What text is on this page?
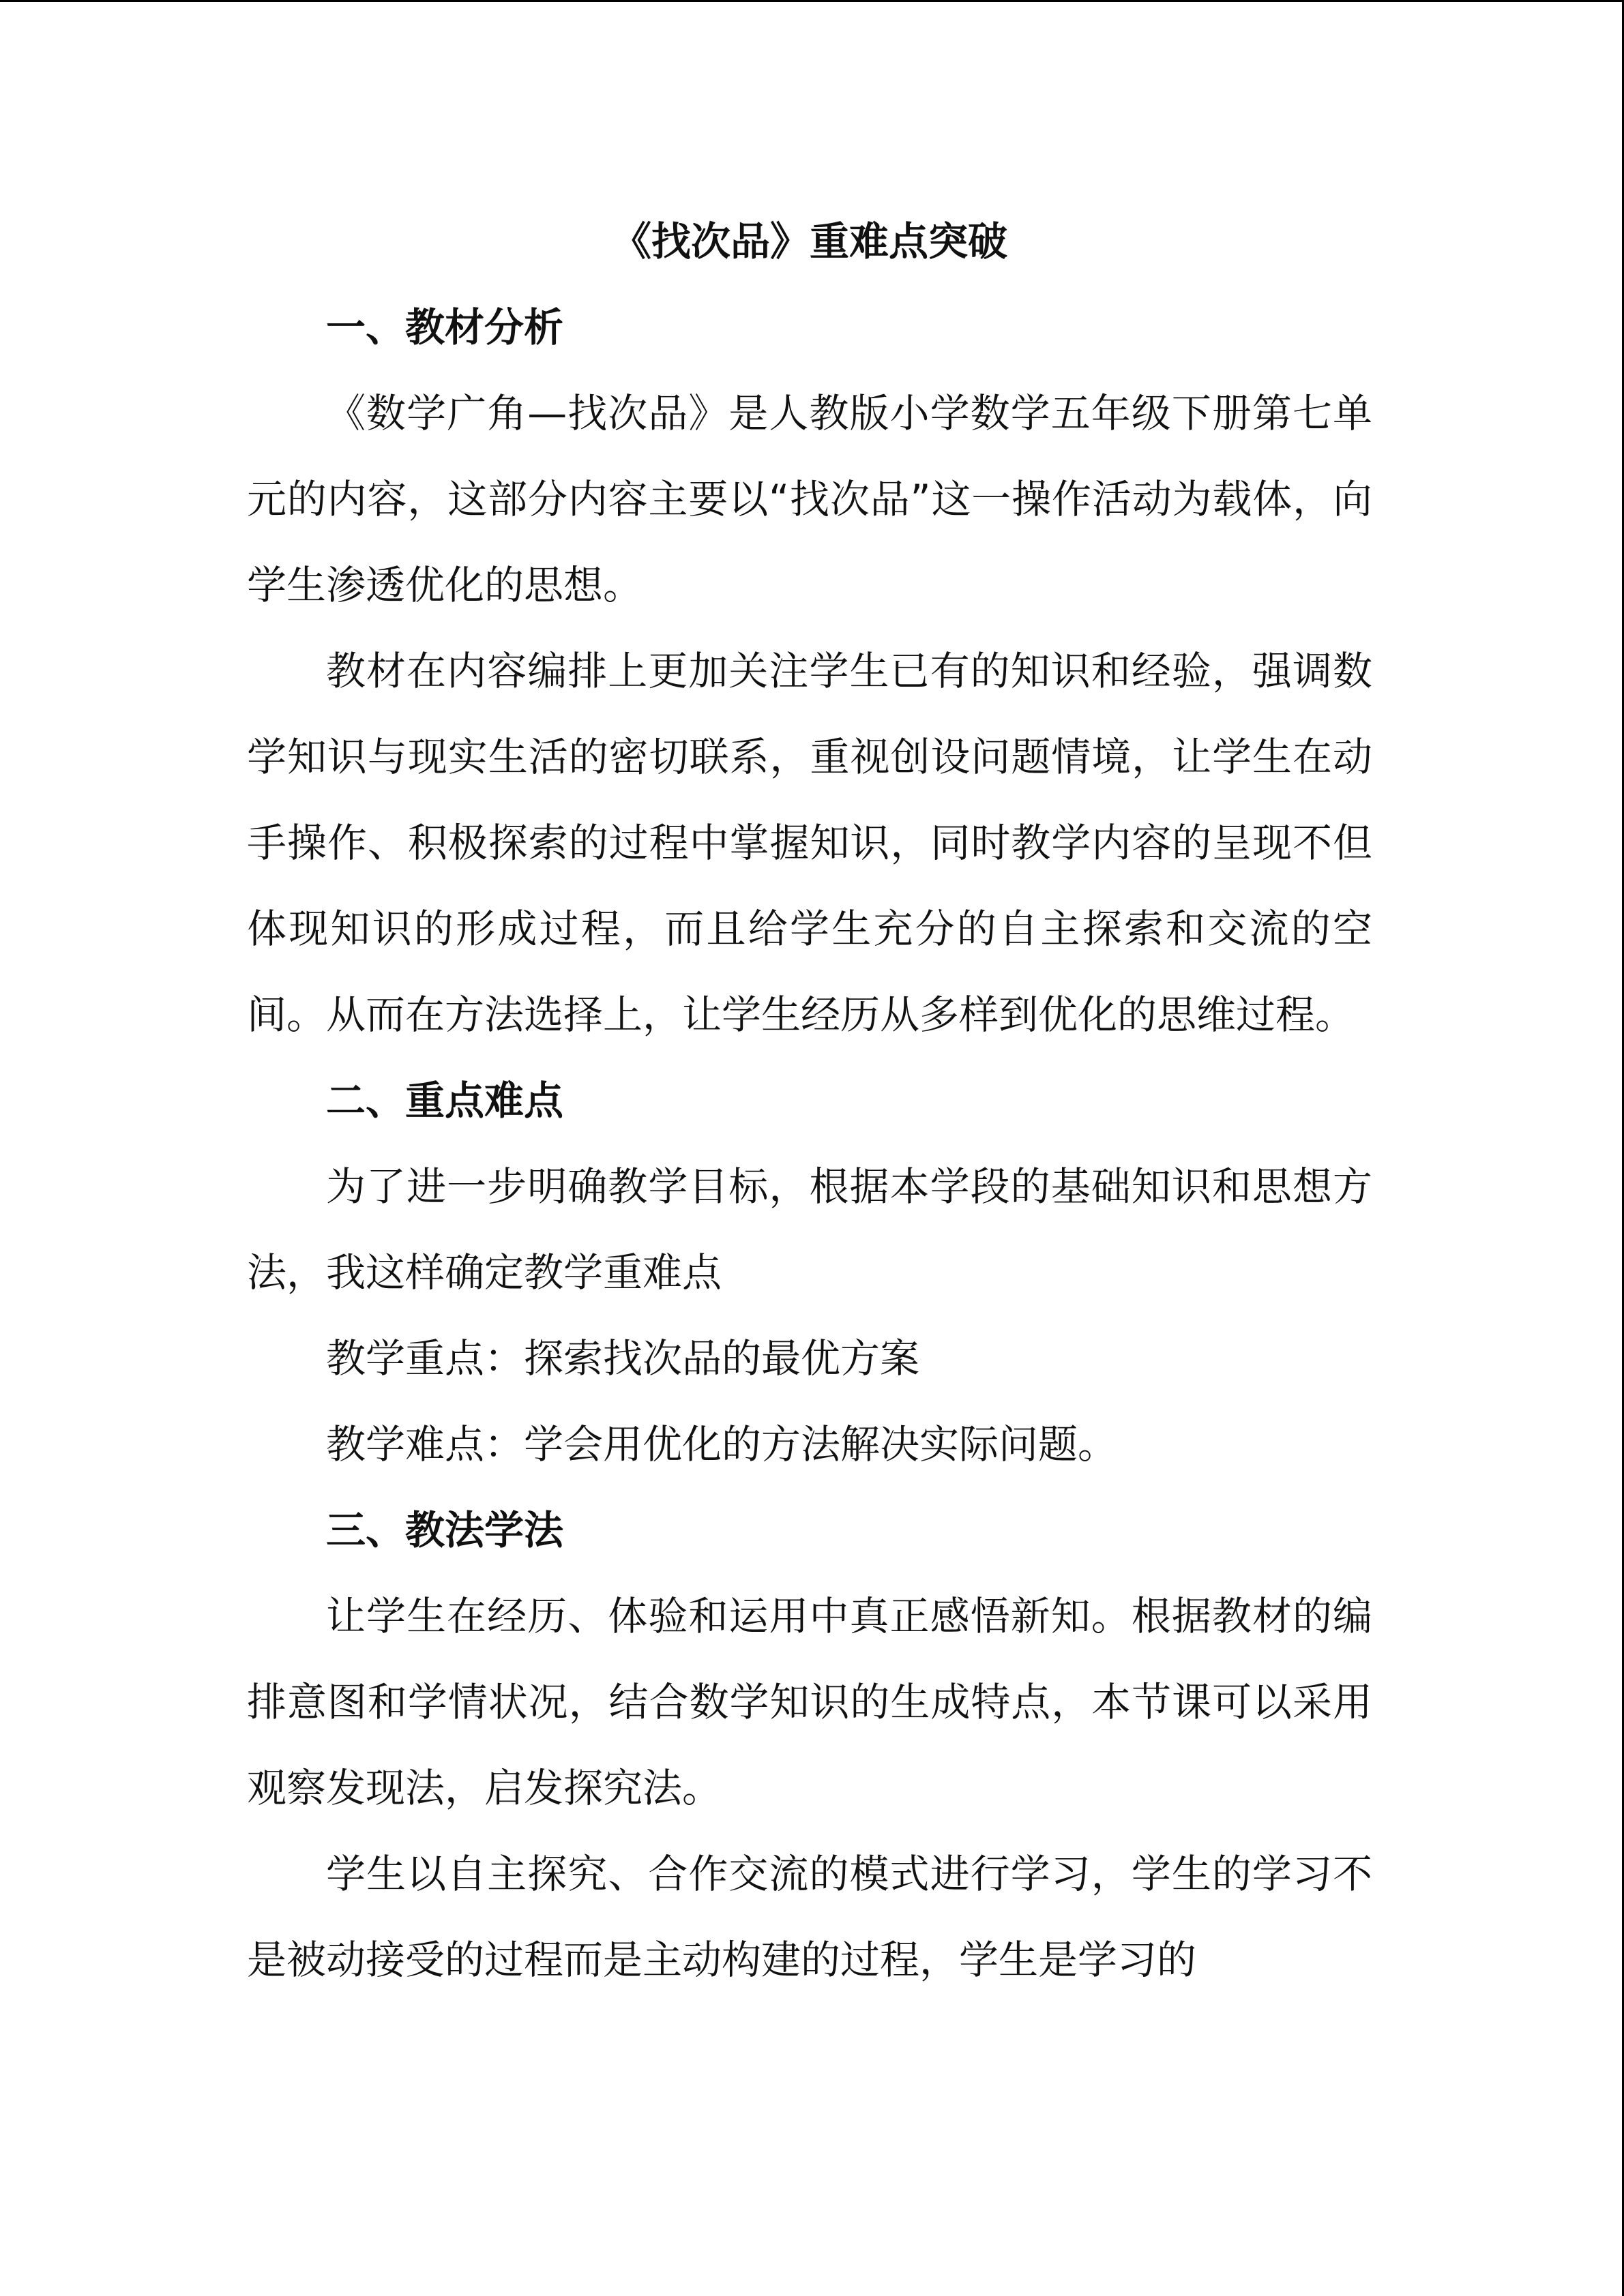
《找次品》重难点突破

一、教材分析

《数学广角—找次品》是人教版小学数学五年级下册第七单元的内容，这部分内容主要以“找次品”这一操作活动为载体，向学生渗透优化的思想。

教材在内容编排上更加关注学生已有的知识和经验，强调数学知识与现实生活的密切联系，重视创设问题情境，让学生在动手操作、积极探索的过程中掌握知识，同时教学内容的呈现不但体现知识的形成过程，而且给学生充分的自主探索和交流的空间。从而在方法选择上，让学生经历从多样到优化的思维过程。

二、重点难点

为了进一步明确教学目标，根据本学段的基础知识和思想方法，我这样确定教学重难点

教学重点：探索找次品的最优方案

教学难点：学会用优化的方法解决实际问题。

三、教法学法

让学生在经历、体验和运用中真正感悟新知。根据教材的编排意图和学情状况，结合数学知识的生成特点，本节课可以采用观察发现法，启发探究法。

学生以自主探究、合作交流的模式进行学习，学生的学习不是被动接受的过程而是主动构建的过程，学生是学习的
